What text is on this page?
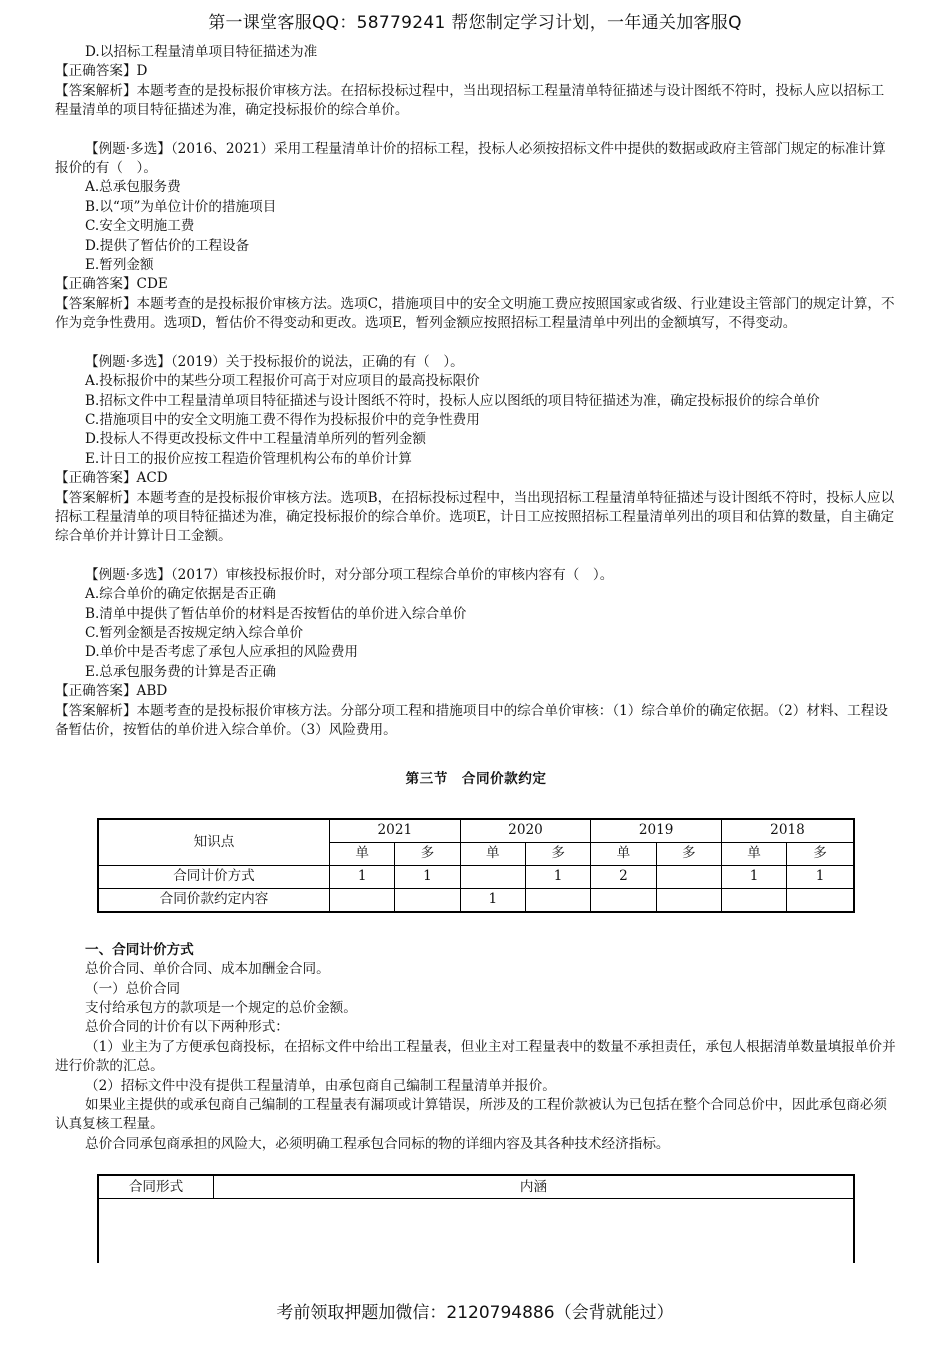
第一课堂客服QQ：58779241 帮您制定学习计划，一年通关加客服Q

D.以招标工程量清单项目特征描述为准

【正确答案】D

【答案解析】本题考查的是投标报价审核方法。在招标投标过程中，当出现招标工程量清单特征描述与设计图纸不符时，投标人应以招标工程量清单的项目特征描述为准，确定投标报价的综合单价。

【例题·多选】（2016、2021）采用工程量清单计价的招标工程，投标人必须按招标文件中提供的数据或政府主管部门规定的标准计算报价的有（　）。

A.总承包服务费

B.以“项”为单位计价的措施项目

C.安全文明施工费

D.提供了暂估价的工程设备

E.暂列金额

【正确答案】CDE

【答案解析】本题考查的是投标报价审核方法。选项C，措施项目中的安全文明施工费应按照国家或省级、行业建设主管部门的规定计算，不作为竞争性费用。选项D，暂估价不得变动和更改。选项E，暂列金额应按照招标工程量清单中列出的金额填写，不得变动。

【例题·多选】（2019）关于投标报价的说法，正确的有（　）。

A.投标报价中的某些分项工程报价可高于对应项目的最高投标限价

B.招标文件中工程量清单项目特征描述与设计图纸不符时，投标人应以图纸的项目特征描述为准，确定投标报价的综合单价

C.措施项目中的安全文明施工费不得作为投标报价中的竞争性费用

D.投标人不得更改投标文件中工程量清单所列的暂列金额

E.计日工的报价应按工程造价管理机构公布的单价计算

【正确答案】ACD

【答案解析】本题考查的是投标报价审核方法。选项B，在招标投标过程中，当出现招标工程量清单特征描述与设计图纸不符时，投标人应以招标工程量清单的项目特征描述为准，确定投标报价的综合单价。选项E，计日工应按照招标工程量清单列出的项目和估算的数量，自主确定综合单价并计算计日工金额。

【例题·多选】（2017）审核投标报价时，对分部分项工程综合单价的审核内容有（　）。

A.综合单价的确定依据是否正确

B.清单中提供了暂估单价的材料是否按暂估的单价进入综合单价

C.暂列金额是否按规定纳入综合单价

D.单价中是否考虑了承包人应承担的风险费用

E.总承包服务费的计算是否正确

【正确答案】ABD

【答案解析】本题考查的是投标报价审核方法。分部分项工程和措施项目中的综合单价审核：（1）综合单价的确定依据。（2）材料、工程设备暂估价，按暂估的单价进入综合单价。（3）风险费用。

第三节　合同价款约定

知识点	2021		2020		2019		2018	
	单	多	单	多	单	多	单	多
合同计价方式	1	1		1	2		1	1
合同价款约定内容			1					

一、合同计价方式

总价合同、单价合同、成本加酬金合同。

（一）总价合同

支付给承包方的款项是一个规定的总价金额。

总价合同的计价有以下两种形式：

（1）业主为了方便承包商投标，在招标文件中给出工程量表，但业主对工程量表中的数量不承担责任，承包人根据清单数量填报单价并进行价款的汇总。

（2）招标文件中没有提供工程量清单，由承包商自己编制工程量清单并报价。

如果业主提供的或承包商自己编制的工程量表有漏项或计算错误，所涉及的工程价款被认为已包括在整个合同总价中，因此承包商必须认真复核工程量。

总价合同承包商承担的风险大，必须明确工程承包合同标的物的详细内容及其各种技术经济指标。

合同形式	内涵

考前领取押题加微信：2120794886（会背就能过）
